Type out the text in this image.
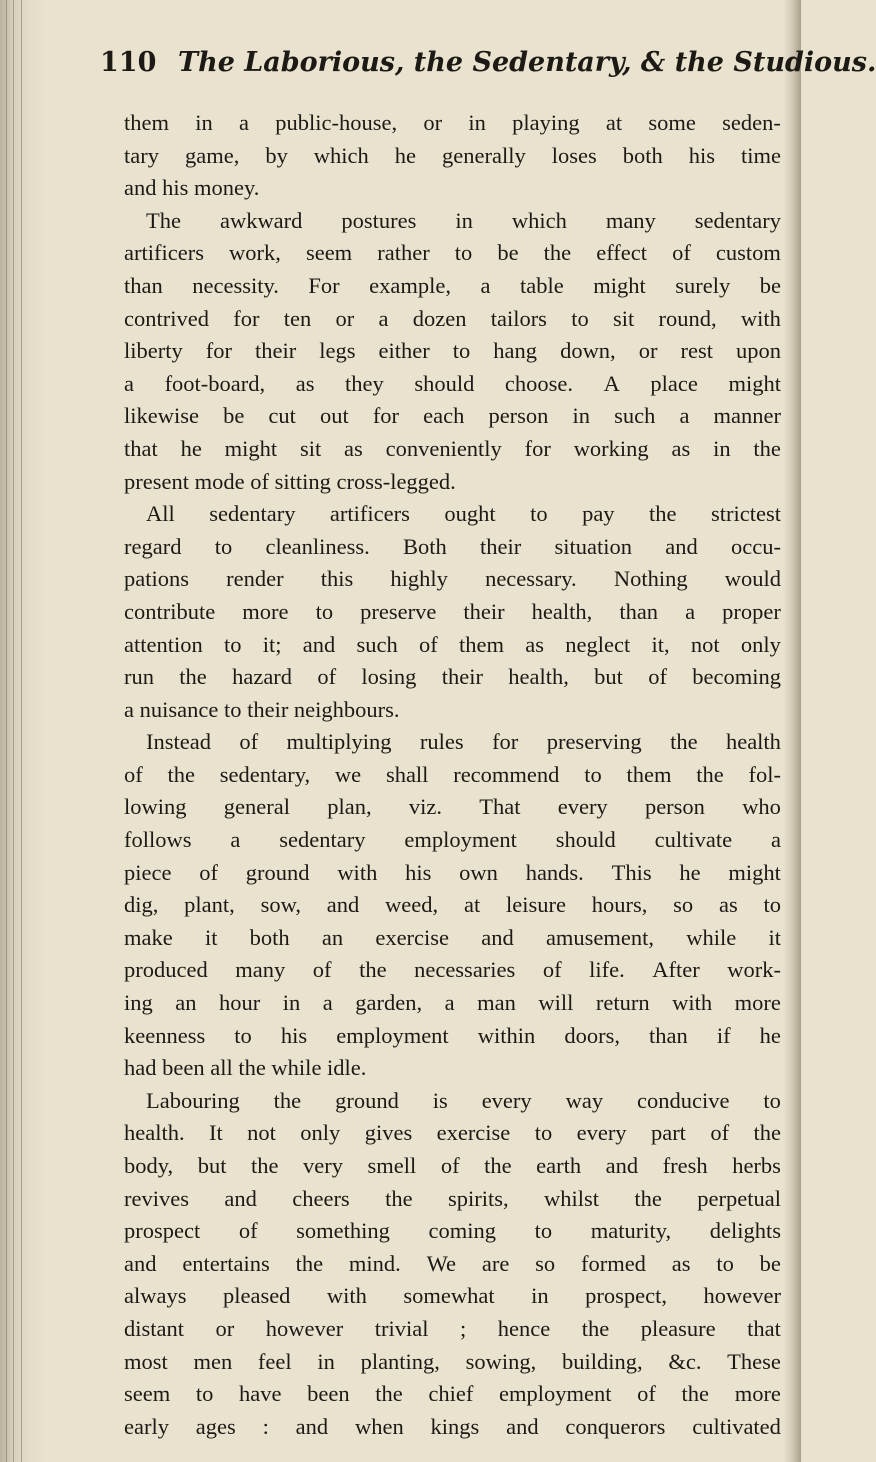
110 The Laborious, the Sedentary, & the Studious.
them in a public-house, or in playing at some seden-
tary game, by which he generally loses both his time
and his money.
The awkward postures in which many sedentary
artificers work, seem rather to be the effect of custom
than necessity. For example, a table might surely be
contrived for ten or a dozen tailors to sit round, with
liberty for their legs either to hang down, or rest upon
a foot-board, as they should choose. A place might
likewise be cut out for each person in such a manner
that he might sit as conveniently for working as in the
present mode of sitting cross-legged.
All sedentary artificers ought to pay the strictest
regard to cleanliness. Both their situation and occu-
pations render this highly necessary. Nothing would
contribute more to preserve their health, than a proper
attention to it; and such of them as neglect it, not only
run the hazard of losing their health, but of becoming
a nuisance to their neighbours.
Instead of multiplying rules for preserving the health
of the sedentary, we shall recommend to them the fol-
lowing general plan, viz. That every person who
follows a sedentary employment should cultivate a
piece of ground with his own hands. This he might
dig, plant, sow, and weed, at leisure hours, so as to
make it both an exercise and amusement, while it
produced many of the necessaries of life. After work-
ing an hour in a garden, a man will return with more
keenness to his employment within doors, than if he
had been all the while idle.
Labouring the ground is every way conducive to
health. It not only gives exercise to every part of the
body, but the very smell of the earth and fresh herbs
revives and cheers the spirits, whilst the perpetual
prospect of something coming to maturity, delights
and entertains the mind. We are so formed as to be
always pleased with somewhat in prospect, however
distant or however trivial ; hence the pleasure that
most men feel in planting, sowing, building, &c. These
seem to have been the chief employment of the more
early ages : and when kings and conquerors cultivated
